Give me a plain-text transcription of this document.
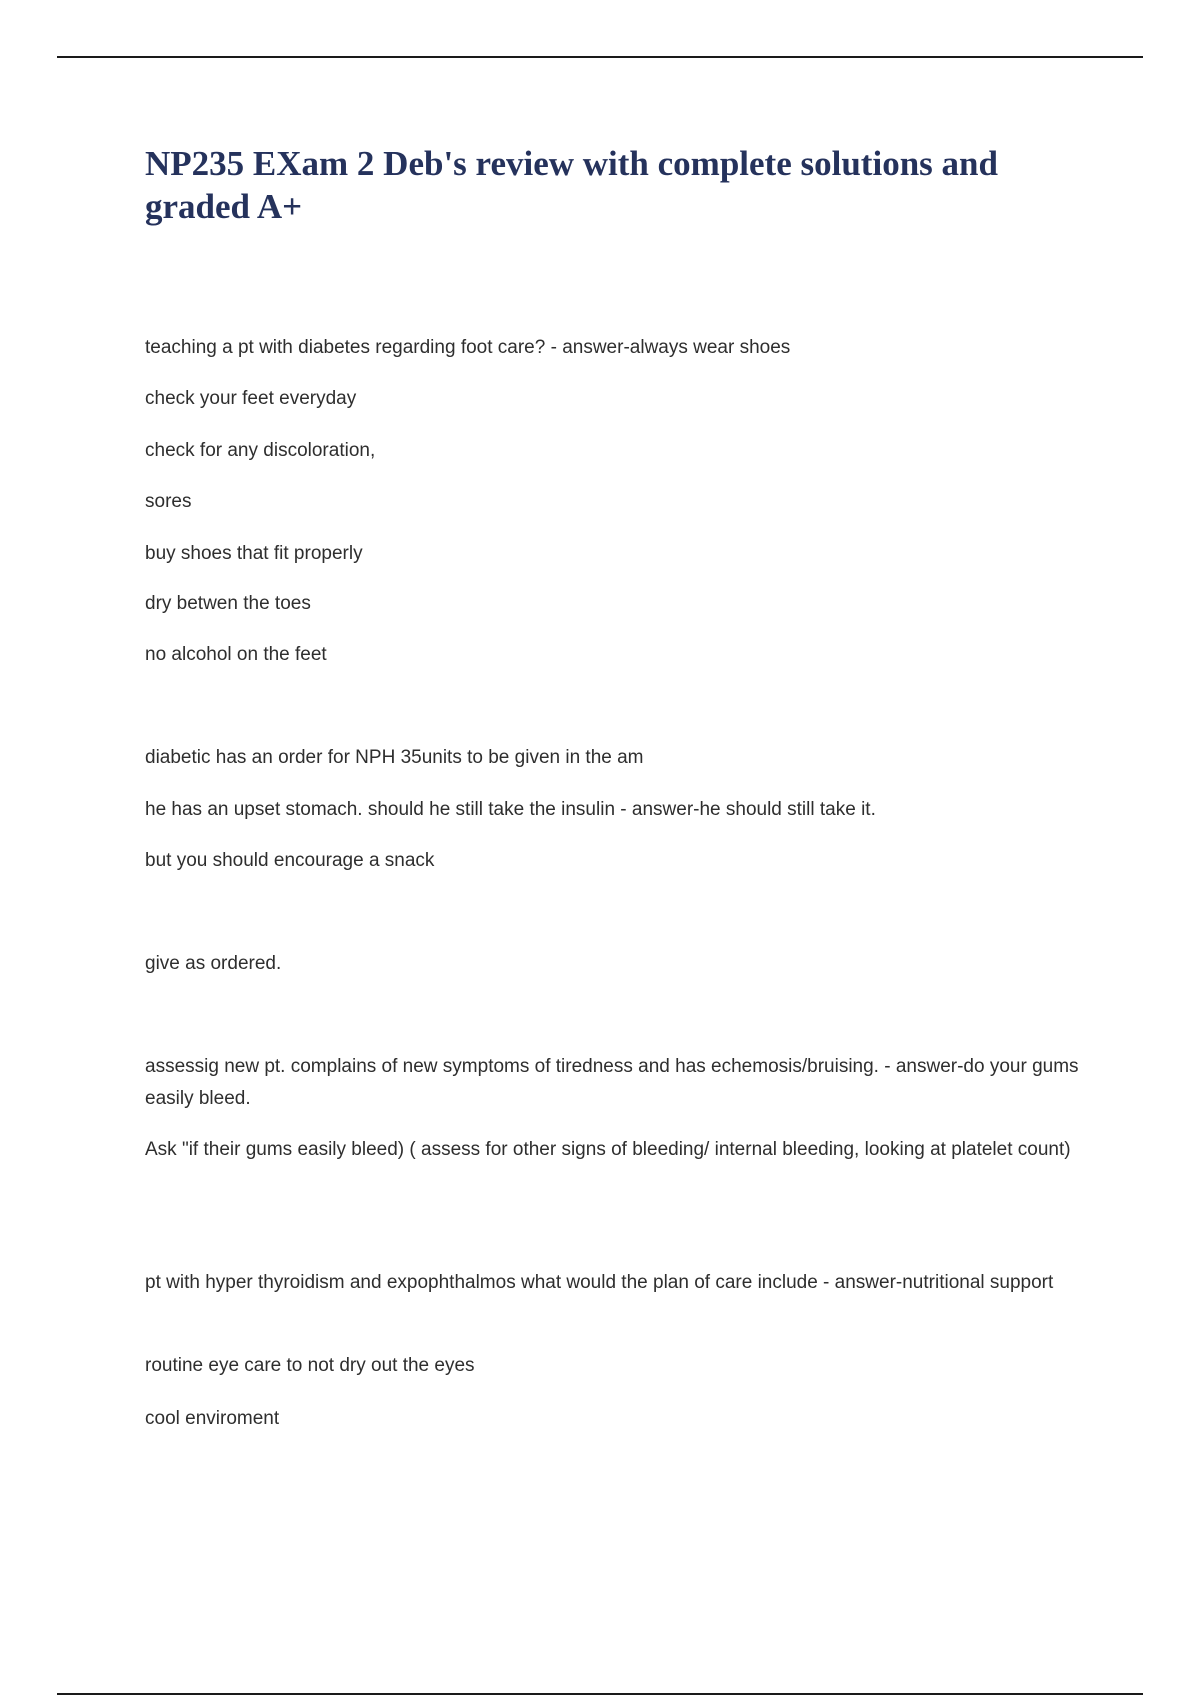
NP235 EXam 2 Deb's review with complete solutions and graded A+
teaching a pt with diabetes regarding foot care? - answer-always wear shoes
check your feet everyday
check for any discoloration,
sores
buy shoes that fit properly
dry betwen the toes
no alcohol on the feet
diabetic has an order for NPH 35units to be given in the am
he has an upset stomach. should he still take the insulin - answer-he should still take it.
but you should encourage a snack
give as ordered.
assessig new pt. complains of new symptoms of tiredness and has echemosis/bruising. - answer-do your gums easily bleed.
Ask "if their gums easily bleed) ( assess for other signs of bleeding/ internal bleeding, looking at platelet count)
pt with hyper thyroidism and expophthalmos what would the plan of care include - answer-nutritional support
routine eye care to not dry out the eyes
cool enviroment
